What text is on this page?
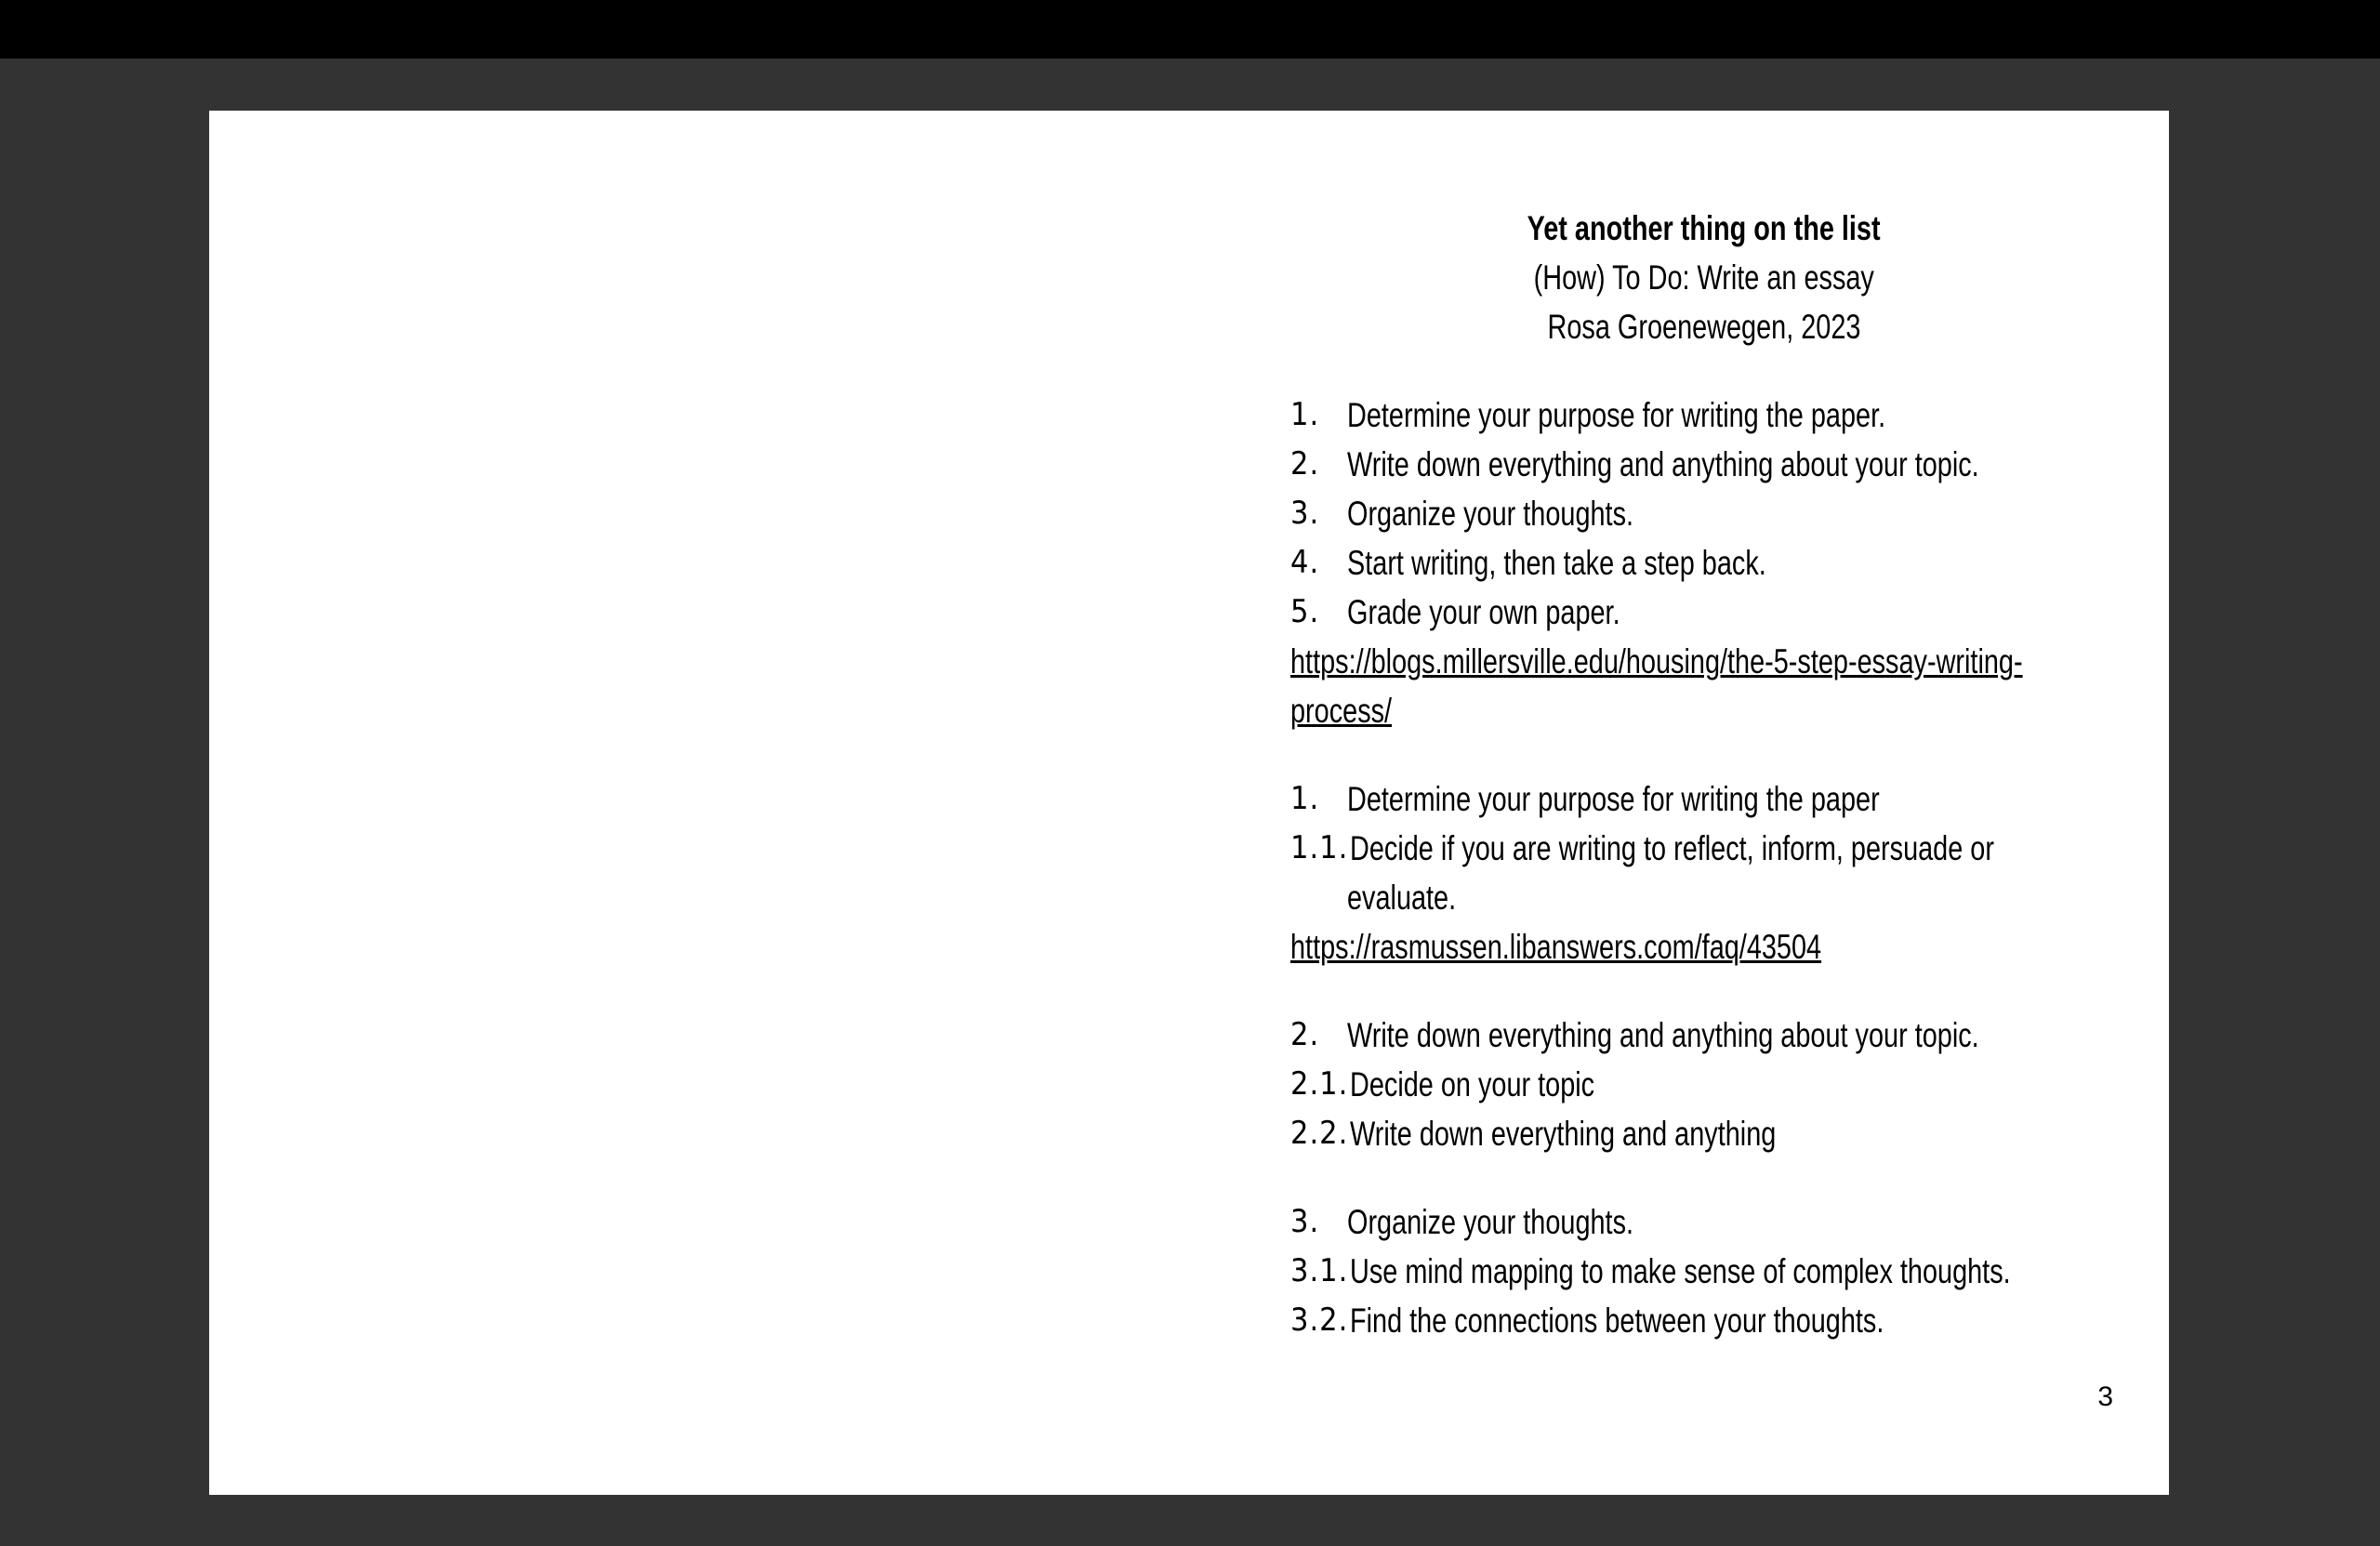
Yet another thing on the list
(How) To Do: Write an essay
Rosa Groenewegen, 2023
1. Determine your purpose for writing the paper.
2. Write down everything and anything about your topic.
3. Organize your thoughts.
4. Start writing, then take a step back.
5. Grade your own paper.
https://blogs.millersville.edu/housing/the-5-step-essay-writing-
process/
1. Determine your purpose for writing the paper
1.1. Decide if you are writing to reflect, inform, persuade or
evaluate.
https://rasmussen.libanswers.com/faq/43504
2. Write down everything and anything about your topic.
2.1. Decide on your topic
2.2. Write down everything and anything
3. Organize your thoughts.
3.1. Use mind mapping to make sense of complex thoughts.
3.2. Find the connections between your thoughts.
3
